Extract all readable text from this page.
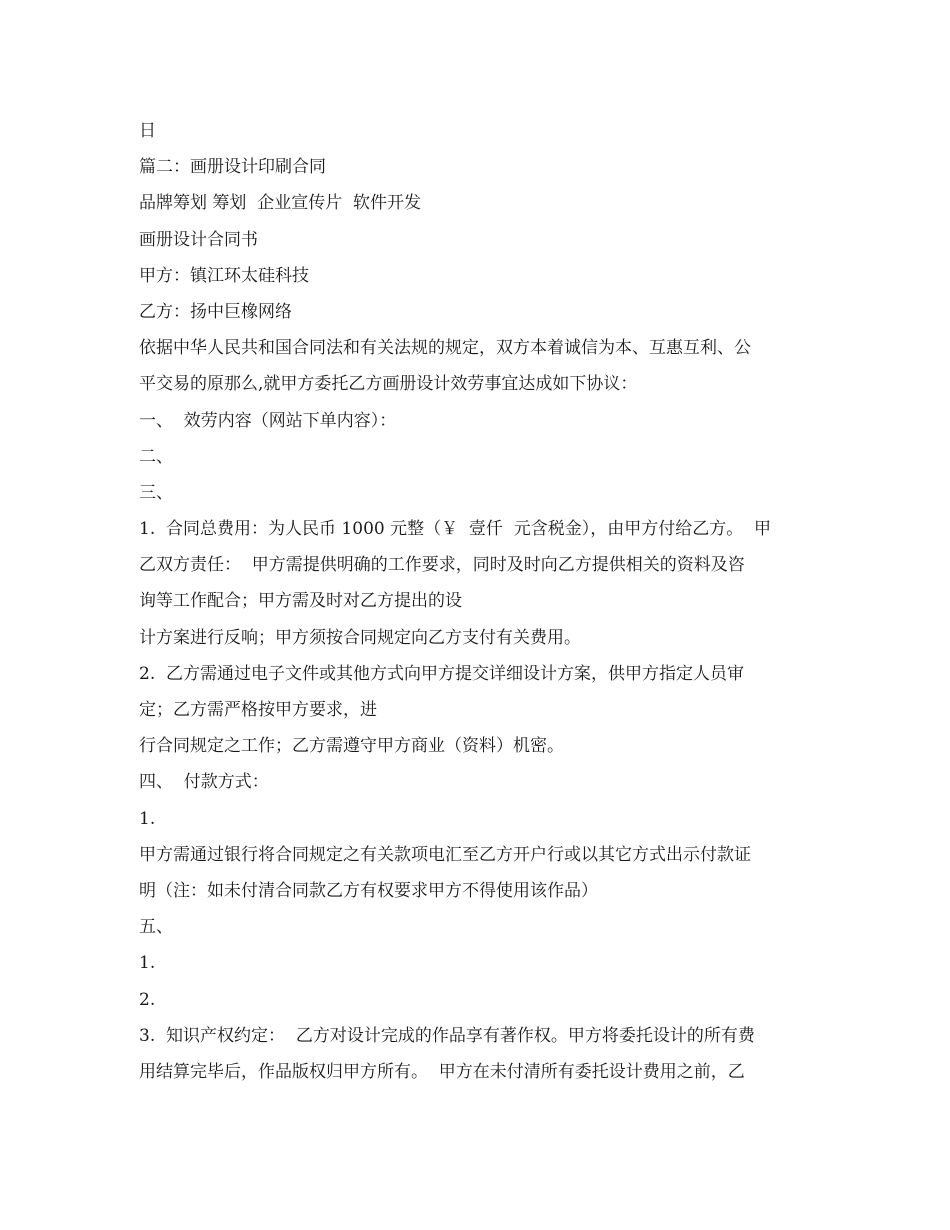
日
篇二：画册设计印刷合同
品牌筹划 筹划  企业宣传片  软件开发
画册设计合同书
甲方：镇江环太硅科技
乙方：扬中巨橡网络
依据中华人民共和国合同法和有关法规的规定，双方本着诚信为本、互惠互利、公
平交易的原那么,就甲方委托乙方画册设计效劳事宜达成如下协议：
一、  效劳内容（网站下单内容）：
二、
三、
1.  合同总费用：为人民币 1000 元整（￥  壹仟  元含税金），由甲方付给乙方。  甲
乙双方责任：  甲方需提供明确的工作要求，同时及时向乙方提供相关的资料及咨
询等工作配合；甲方需及时对乙方提出的设
计方案进行反响；甲方须按合同规定向乙方支付有关费用。
2.  乙方需通过电子文件或其他方式向甲方提交详细设计方案，供甲方指定人员审
定；乙方需严格按甲方要求，进
行合同规定之工作；乙方需遵守甲方商业（资料）机密。
四、  付款方式：
1.
甲方需通过银行将合同规定之有关款项电汇至乙方开户行或以其它方式出示付款证
明（注：如未付清合同款乙方有权要求甲方不得使用该作品）
五、
1.
2.
3.  知识产权约定：  乙方对设计完成的作品享有著作权。甲方将委托设计的所有费
用结算完毕后，作品版权归甲方所有。  甲方在未付清所有委托设计费用之前，乙
